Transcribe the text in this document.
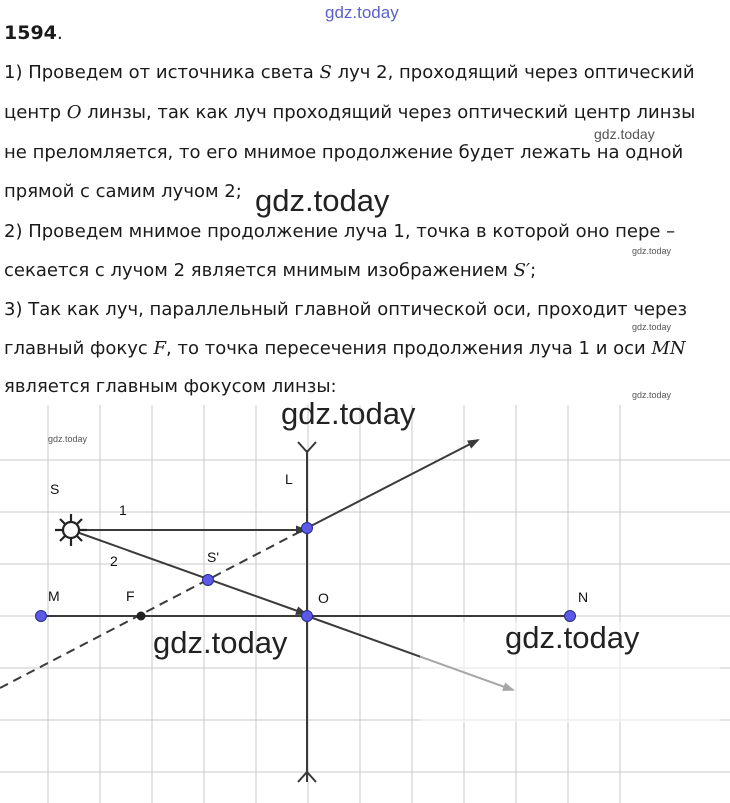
gdz.today
1594.
1) Проведем от источника света S луч 2, проходящий через оптический
центр O линзы, так как луч проходящий через оптический центр линзы
не преломляется, то его мнимое продолжение будет лежать на одной
прямой с самим лучом 2;
2) Проведем мнимое продолжение луча 1, точка в которой оно пере –
секается с лучом 2 является мнимым изображением S′;
3) Так как луч, параллельный главной оптической оси, проходит через
главный фокус F, то точка пересечения продолжения луча 1 и оси MN
является главным фокусом линзы:
gdz.today
gdz.today
gdz.today
gdz.today
gdz.today
S
L
1
2	S'
M	F	O	N
gdz.today
gdz.today
gdz.today	gdz.today
